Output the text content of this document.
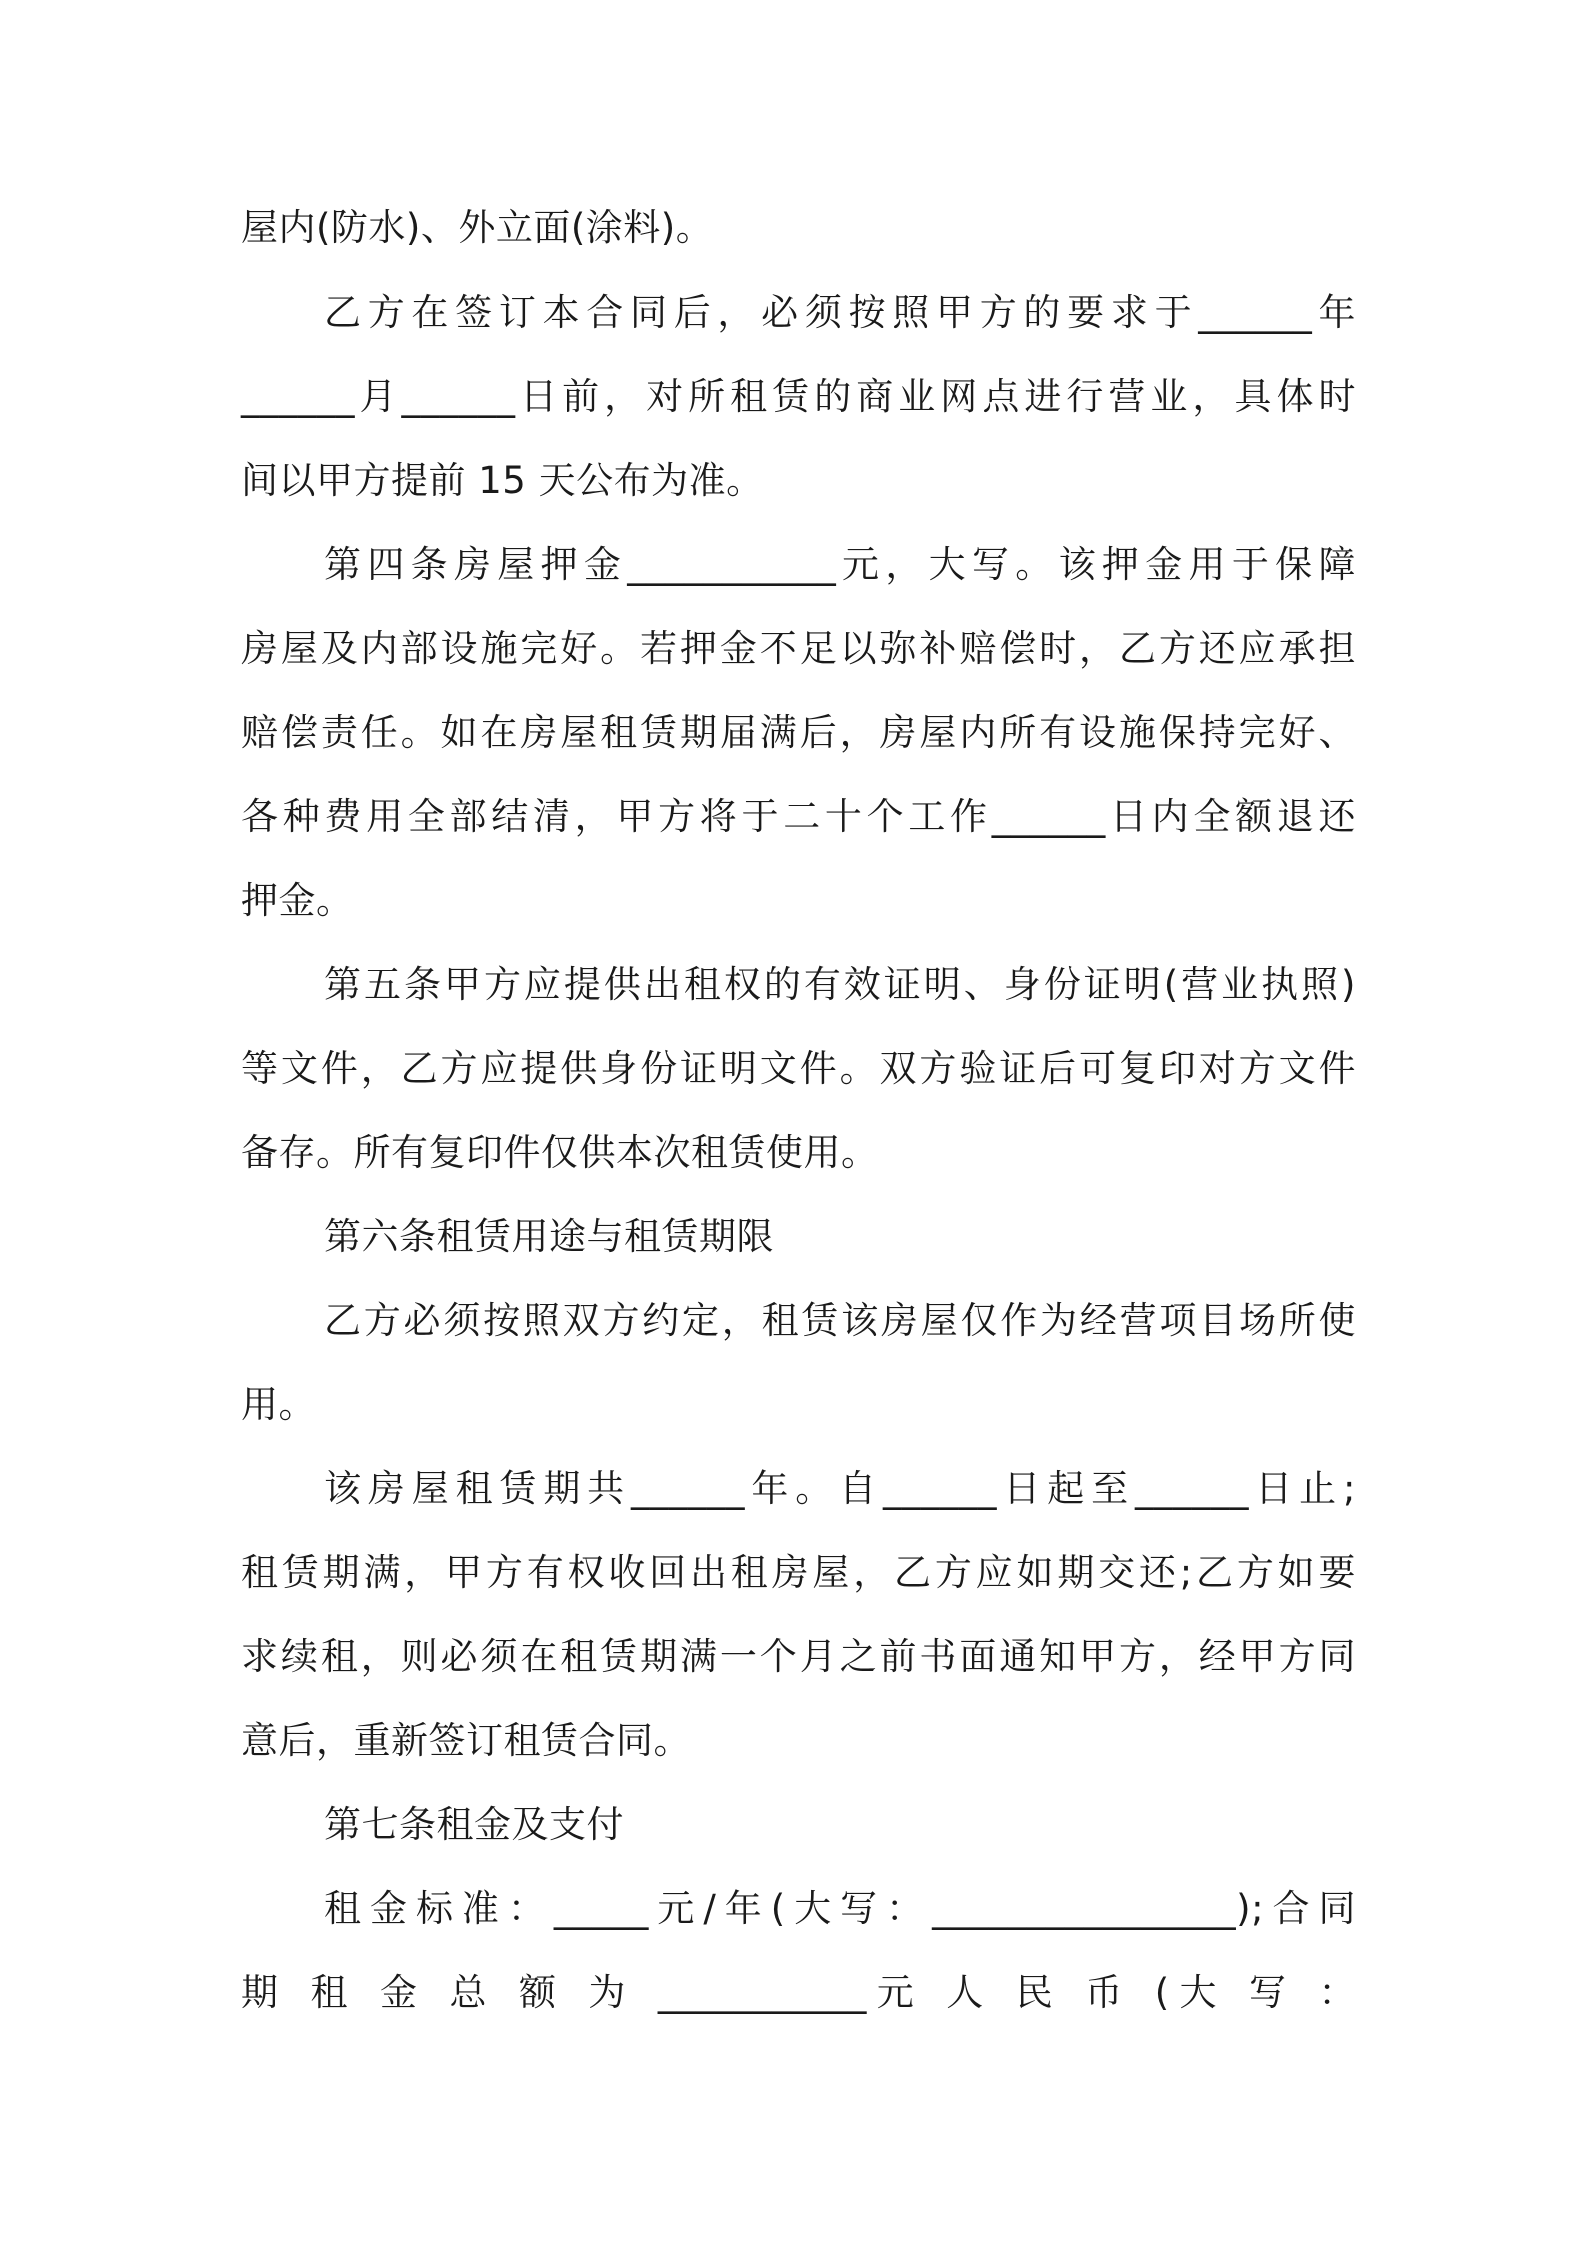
屋内(防水)、外立面(涂料)。
乙方在签订本合同后，必须按照甲方的要求于______年
______月______日前，对所租赁的商业网点进行营业，具体时
间以甲方提前 15 天公布为准。
第四条房屋押金___________元，大写。该押金用于保障
房屋及内部设施完好。若押金不足以弥补赔偿时，乙方还应承担
赔偿责任。如在房屋租赁期届满后，房屋内所有设施保持完好、
各种费用全部结清，甲方将于二十个工作______日内全额退还
押金。
第五条甲方应提供出租权的有效证明、身份证明(营业执照)
等文件，乙方应提供身份证明文件。双方验证后可复印对方文件
备存。所有复印件仅供本次租赁使用。
第六条租赁用途与租赁期限
乙方必须按照双方约定，租赁该房屋仅作为经营项目场所使
用。
该房屋租赁期共______年。自______日起至______日止;
租赁期满，甲方有权收回出租房屋，乙方应如期交还;乙方如要
求续租，则必须在租赁期满一个月之前书面通知甲方，经甲方同
意后，重新签订租赁合同。
第七条租金及支付
租金标准：_____元/年(大写：________________);合同
期 租 金 总 额 为 ___________元 人 民 币 (大 写 ：
